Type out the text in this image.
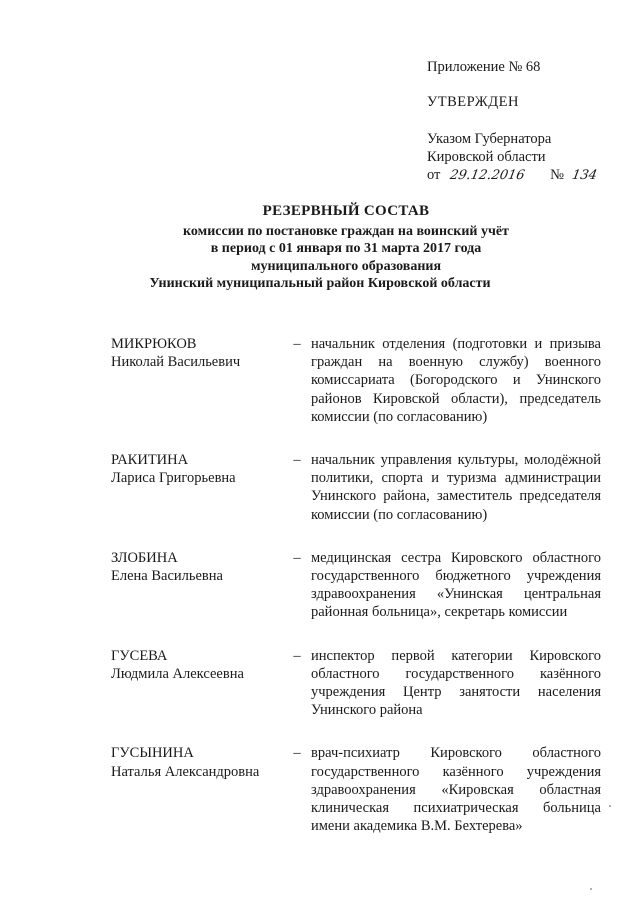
Приложение № 68
УТВЕРЖДЕН
Указом Губернатора
Кировской области
от 29.12.2016 № 134
РЕЗЕРВНЫЙ СОСТАВ
комиссии по постановке граждан на воинский учёт
в период с 01 января по 31 марта 2017 года
муниципального образования
Унинский муниципальный район Кировской области
МИКРЮКОВ
Николай Васильевич
– начальник отделения (подготовки и призыва граждан на военную службу) военного комиссариата (Богородского и Унинского районов Кировской области), председатель комиссии (по согласованию)
РАКИТИНА
Лариса Григорьевна
– начальник управления культуры, молодёжной политики, спорта и туризма администрации Унинского района, заместитель председателя комиссии (по согласованию)
ЗЛОБИНА
Елена Васильевна
– медицинская сестра Кировского областного государственного бюджетного учреждения здравоохранения «Унинская центральная районная больница», секретарь комиссии
ГУСЕВА
Людмила Алексеевна
– инспектор первой категории Кировского областного государственного казённого учреждения Центр занятости населения Унинского района
ГУСЫНИНА
Наталья Александровна
– врач-психиатр Кировского областного государственного казённого учреждения здравоохранения «Кировская областная клиническая психиатрическая больница имени академика В.М. Бехтерева»
